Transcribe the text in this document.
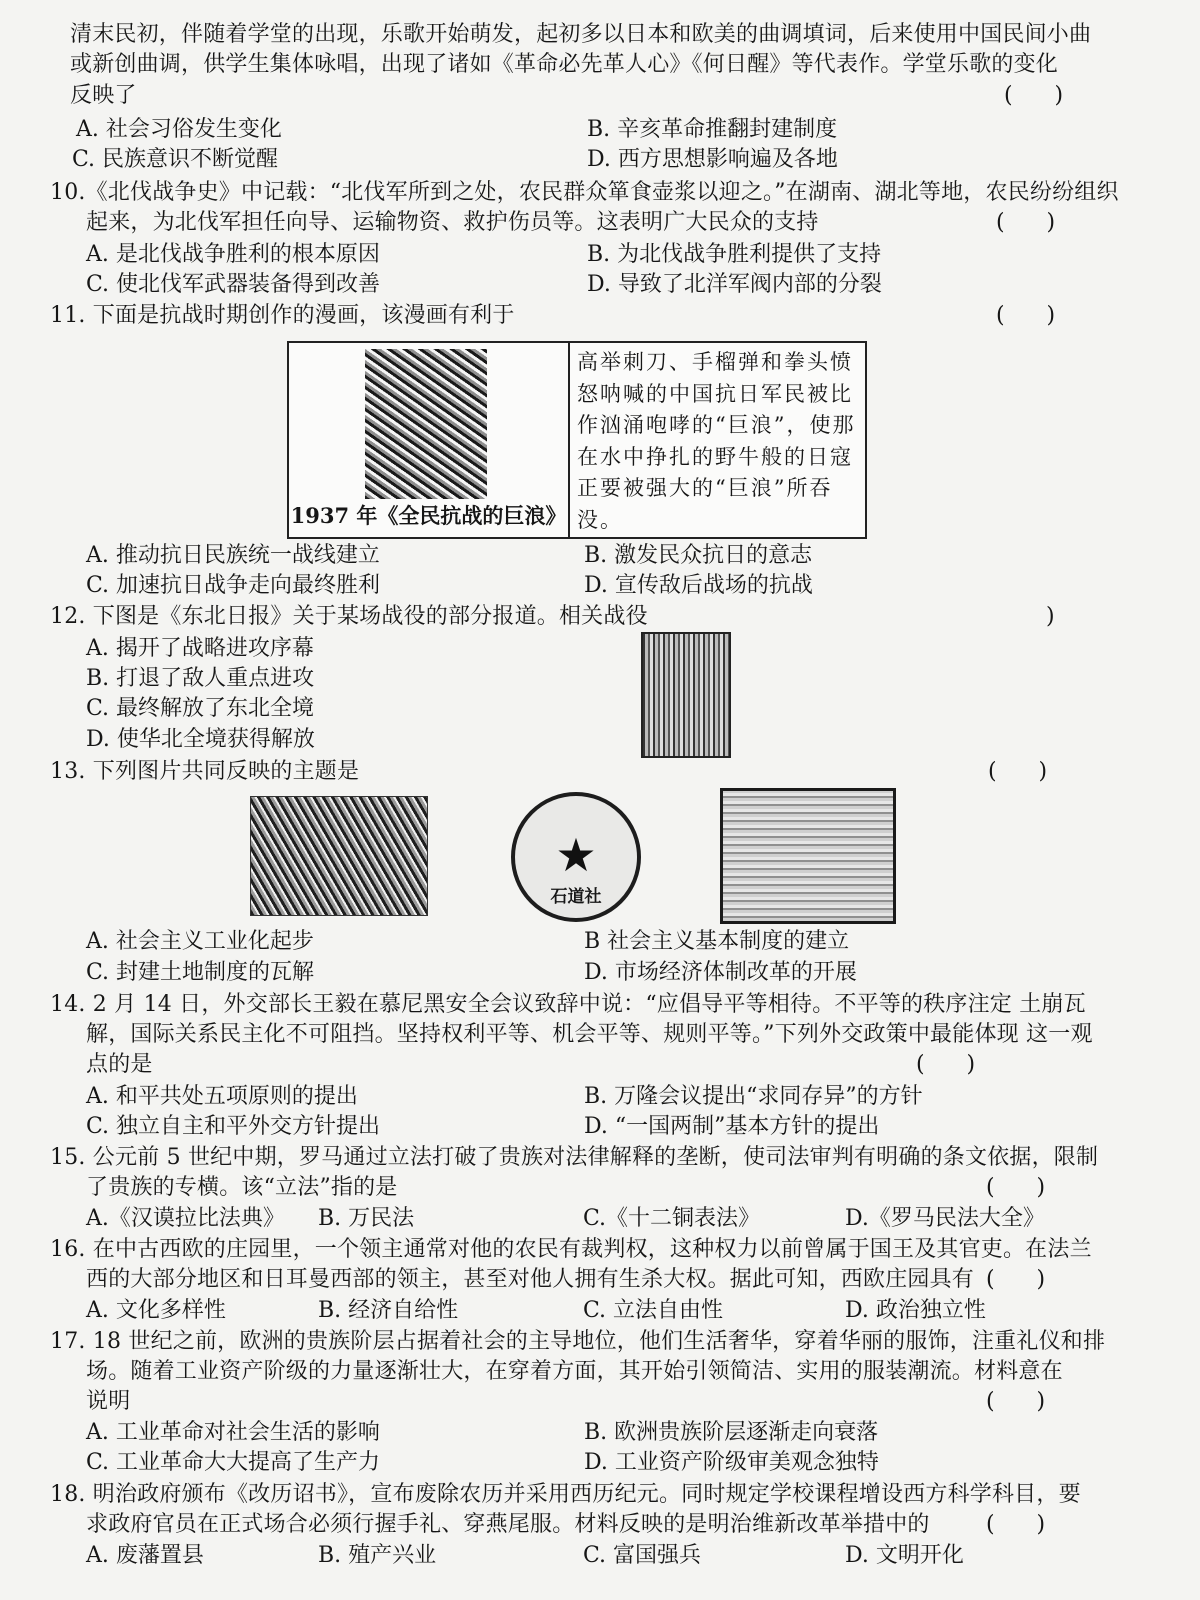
清末民初，伴随着学堂的出现，乐歌开始萌发，起初多以日本和欧美的曲调填词，后来使用中国民间小曲
或新创曲调，供学生集体咏唱，出现了诸如《革命必先革人心》《何日醒》等代表作。学堂乐歌的变化
反映了	(      )
A. 社会习俗发生变化	B. 辛亥革命推翻封建制度
C. 民族意识不断觉醒	D. 西方思想影响遍及各地
10.《北伐战争史》中记载：“北伐军所到之处，农民群众箪食壶浆以迎之。”在湖南、湖北等地，农民纷纷组织
起来，为北伐军担任向导、运输物资、救护伤员等。这表明广大民众的支持	(      )
A. 是北伐战争胜利的根本原因	B. 为北伐战争胜利提供了支持
C. 使北伐军武器装备得到改善	D. 导致了北洋军阀内部的分裂
11. 下面是抗战时期创作的漫画，该漫画有利于	(      )
1937 年《全民抗战的巨浪》
高举刺刀、手榴弹和拳头愤怒呐喊的中国抗日军民被比作汹涌咆哮的“巨浪”，使那在水中挣扎的野牛般的日寇正要被强大的“巨浪”所吞没。
A. 推动抗日民族统一战线建立	B. 激发民众抗日的意志
C. 加速抗日战争走向最终胜利	D. 宣传敌后战场的抗战
12. 下图是《东北日报》关于某场战役的部分报道。相关战役	)
A. 揭开了战略进攻序幕
B. 打退了敌人重点进攻
C. 最终解放了东北全境
D. 使华北全境获得解放
13. 下列图片共同反映的主题是	(      )
★
石道社
A. 社会主义工业化起步	B 社会主义基本制度的建立
C. 封建土地制度的瓦解	D. 市场经济体制改革的开展
14. 2 月 14 日，外交部长王毅在慕尼黑安全会议致辞中说：“应倡导平等相待。不平等的秩序注定 土崩瓦
解，国际关系民主化不可阻挡。坚持权利平等、机会平等、规则平等。”下列外交政策中最能体现 这一观
点的是	(      )
A. 和平共处五项原则的提出	B. 万隆会议提出“求同存异”的方针
C. 独立自主和平外交方针提出	D. “一国两制”基本方针的提出
15. 公元前 5 世纪中期，罗马通过立法打破了贵族对法律解释的垄断，使司法审判有明确的条文依据，限制
了贵族的专横。该“立法”指的是	(      )
A.《汉谟拉比法典》 B. 万民法	C.《十二铜表法》	D.《罗马民法大全》
16. 在中古西欧的庄园里，一个领主通常对他的农民有裁判权，这种权力以前曾属于国王及其官吏。在法兰
西的大部分地区和日耳曼西部的领主，甚至对他人拥有生杀大权。据此可知，西欧庄园具有 (      )
A. 文化多样性	B. 经济自给性	C. 立法自由性	D. 政治独立性
17. 18 世纪之前，欧洲的贵族阶层占据着社会的主导地位，他们生活奢华，穿着华丽的服饰，注重礼仪和排
场。随着工业资产阶级的力量逐渐壮大，在穿着方面，其开始引领简洁、实用的服装潮流。材料意在
说明	(      )
A. 工业革命对社会生活的影响	B. 欧洲贵族阶层逐渐走向衰落
C. 工业革命大大提高了生产力	D. 工业资产阶级审美观念独特
18. 明治政府颁布《改历诏书》，宣布废除农历并采用西历纪元。同时规定学校课程增设西方科学科目，要
求政府官员在正式场合必须行握手礼、穿燕尾服。材料反映的是明治维新改革举措中的	(      )
A. 废藩置县	B. 殖产兴业	C. 富国强兵	D. 文明开化
